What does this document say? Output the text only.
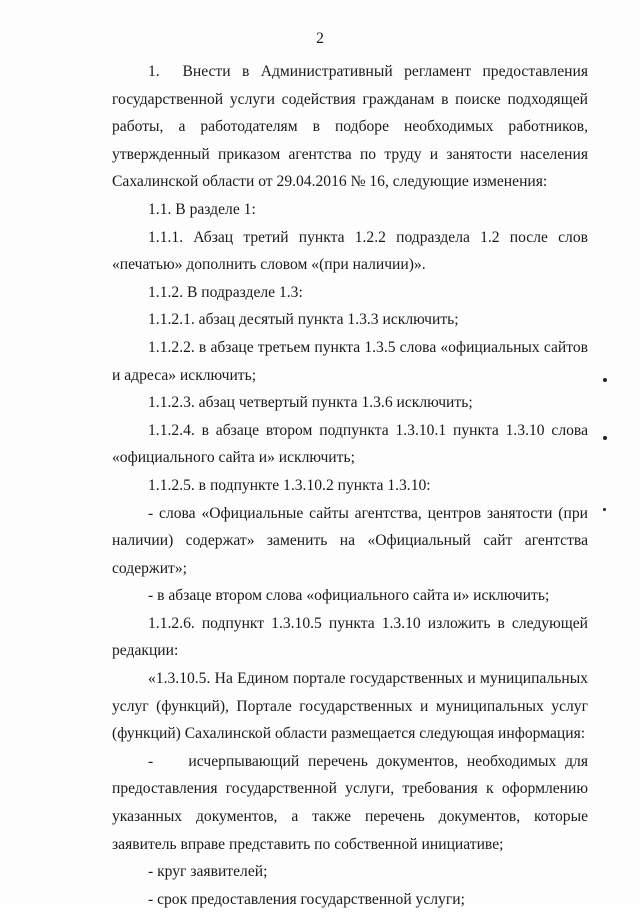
2

1.  Внести в Административный регламент предоставления государственной услуги содействия гражданам в поиске подходящей работы, а работодателям в подборе необходимых работников, утвержденный приказом агентства по труду и занятости населения Сахалинской области от 29.04.2016 № 16, следующие изменения:

1.1. В разделе 1:

1.1.1. Абзац третий пункта 1.2.2 подраздела 1.2 после слов «печатью» дополнить словом «(при наличии)».

1.1.2. В подразделе 1.3:

1.1.2.1. абзац десятый пункта 1.3.3 исключить;

1.1.2.2. в абзаце третьем пункта 1.3.5 слова «официальных сайтов и адреса» исключить;

1.1.2.3. абзац четвертый пункта 1.3.6 исключить;

1.1.2.4. в абзаце втором подпункта 1.3.10.1 пункта 1.3.10 слова «официального сайта и» исключить;

1.1.2.5. в подпункте 1.3.10.2 пункта 1.3.10:

- слова «Официальные сайты агентства, центров занятости (при наличии) содержат» заменить на «Официальный сайт агентства содержит»;

- в абзаце втором слова «официального сайта и» исключить;

1.1.2.6. подпункт 1.3.10.5 пункта 1.3.10 изложить в следующей редакции:

«1.3.10.5. На Едином портале государственных и муниципальных услуг (функций), Портале государственных и муниципальных услуг (функций) Сахалинской области размещается следующая информация:

-    исчерпывающий перечень документов, необходимых для предоставления государственной услуги, требования к оформлению указанных документов, а также перечень документов, которые заявитель вправе представить по собственной инициативе;

- круг заявителей;

- срок предоставления государственной услуги;
